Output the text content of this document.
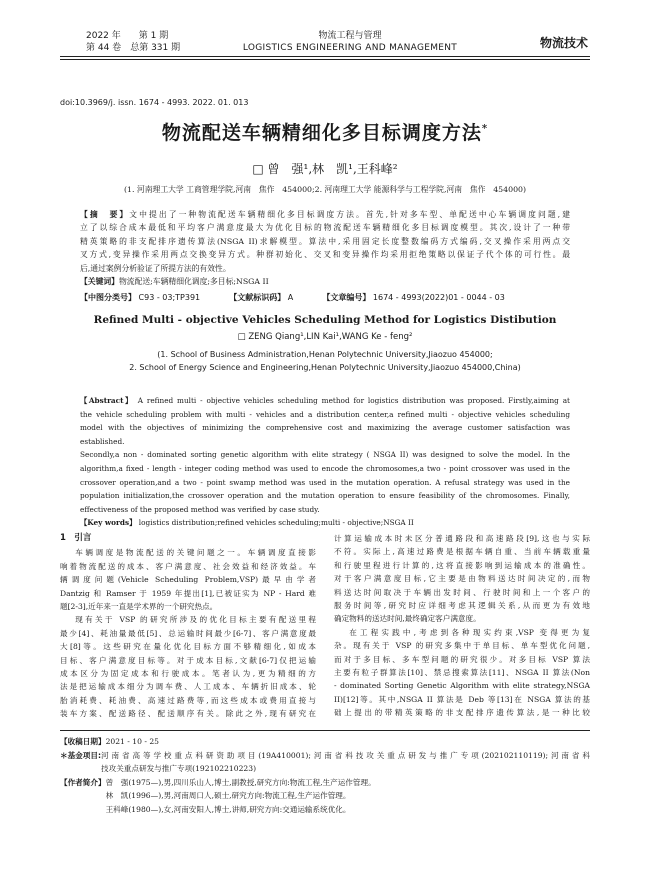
2022 年　　 第 1 期
第 44 卷　 总第 331 期
物流工程与管理
LOGISTICS ENGINEERING AND MANAGEMENT	物流技术
doi:10.3969/j. issn. 1674 - 4993. 2022. 01. 013
物流配送车辆精细化多目标调度方法*
□ 曾　强¹,林　凯¹,王科峰²
(1. 河南理工大学 工商管理学院,河南　焦作　454000;2. 河南理工大学 能源科学与工程学院,河南　焦作　454000)
【摘　要】文中提出了一种物流配送车辆精细化多目标调度方法。首先,针对多车型、单配送中心车辆调度问题,建
立了以综合成本最低和平均客户满意度最大为优化目标的物流配送车辆精细化多目标调度模型。其次,设计了一种带
精英策略的非支配排序遗传算法(NSGA II)求解模型。算法中,采用固定长度整数编码方式编码,交叉操作采用两点交
叉方式,变异操作采用两点交换变异方式。种群初始化、交叉和变异操作均采用拒绝策略以保证子代个体的可行性。最
后,通过案例分析验证了所提方法的有效性。
【关键词】物流配送;车辆精细化调度;多目标;NSGA II
【中图分类号】 C93 - 03;TP391	【文献标识码】 A	【文章编号】 1674 - 4993(2022)01 - 0044 - 03
Refined Multi - objective Vehicles Scheduling Method for Logistics Distibution
□ ZENG Qiang¹,LIN Kai¹,WANG Ke - feng²
(1. School of Business Administration,Henan Polytechnic University,Jiaozuo 454000;
2. School of Energy Science and Engineering,Henan Polytechnic University,Jiaozuo 454000,China)
【Abstract】 A refined multi - objective vehicles scheduling method for logistics distribution was proposed. Firstly,aiming at
the vehicle scheduling problem with multi - vehicles and a distribution center,a refined multi - objective vehicles scheduling
model with the objectives of minimizing the comprehensive cost and maximizing the average customer satisfaction was established.
Secondly,a non - dominated sorting genetic algorithm with elite strategy ( NSGA II) was designed to solve the model. In the
algorithm,a fixed - length - integer coding method was used to encode the chromosomes,a two - point crossover was used in the
crossover operation,and a two - point swamp method was used in the mutation operation. A refusal strategy was used in the
population initialization,the crossover operation and the mutation operation to ensure feasibility of the chromosomes. Finally,
effectiveness of the proposed method was verified by case study.
【Key words】 logistics distribution;refined vehicles scheduling;multi - objective;NSGA II
1　引言
车辆调度是物流配送的关键问题之一。车辆调度直接影
响着物流配送的成本、客户满意度、社会效益和经济效益。车
辆调度问题(Vehicle Scheduling Problem,VSP)最早由学者
Dantzig 和 Ramser 于 1959 年提出[1],已被证实为 NP - Hard 难
题[2-3],近年来一直是学术界的一个研究热点。
现有关于 VSP 的研究所涉及的优化目标主要有配送里程
最少[4]、耗油量最低[5]、总运输时间最少[6-7]、客户满意度最
大[8]等。这些研究在量化优化目标方面不够精细化,如成本
目标、客户满意度目标等。对于成本目标,文献[6-7]仅把运输
成本区分为固定成本和行驶成本。笔者认为,更为精细的方
法是把运输成本细分为调车费、人工成本、车辆折旧成本、轮
胎消耗费、耗油费、高速过路费等,而这些成本或费用直接与
装车方案、配送路径、配送顺序有关。除此之外,现有研究在
计算运输成本时未区分普通路段和高速路段[9],这也与实际
不符。实际上,高速过路费是根据车辆自重、当前车辆载重量
和行驶里程进行计算的,这将直接影响到运输成本的准确性。
对于客户满意度目标,它主要是由物料送达时间决定的,而物
料送达时间取决于车辆出发时间、行驶时间和上一个客户的
服务时间等,研究时应详细考虑其逻辑关系,从而更为有效地
确定物料的送达时间,最终确定客户满意度。
在工程实践中,考虑到各种现实约束,VSP 变得更为复
杂。现有关于 VSP 的研究多集中于单目标、单车型优化问题,
而对于多目标、多车型问题的研究很少。对多目标 VSP 算法
主要有粒子群算法[10]、禁忌搜索算法[11]、NSGA II 算法(Non
- dominated Sorting Genetic Algorithm with elite strategy,NSGA
II)[12]等。其中,NSGA II 算法是 Deb 等[13]在 NSGA 算法的基
础上提出的带精英策略的非支配排序遗传算法,是一种比较
【收稿日期】2021 - 10 - 25
＊基金项目: 河南省高等学校重点科研资助项目(19A410001);河南省科技攻关重点研发与推广专项(202102110119);河南省科
技攻关重点研发与推广专项(192102210223)
【作者简介】 曾　强(1975—),男,四川乐山人,博士,副教授,研究方向:物流工程,生产运作管理。
林　凯(1996—),男,河南周口人,硕士,研究方向:物流工程,生产运作管理。
王科峰(1980—),女,河南安阳人,博士,讲师,研究方向:交通运输系统优化。
